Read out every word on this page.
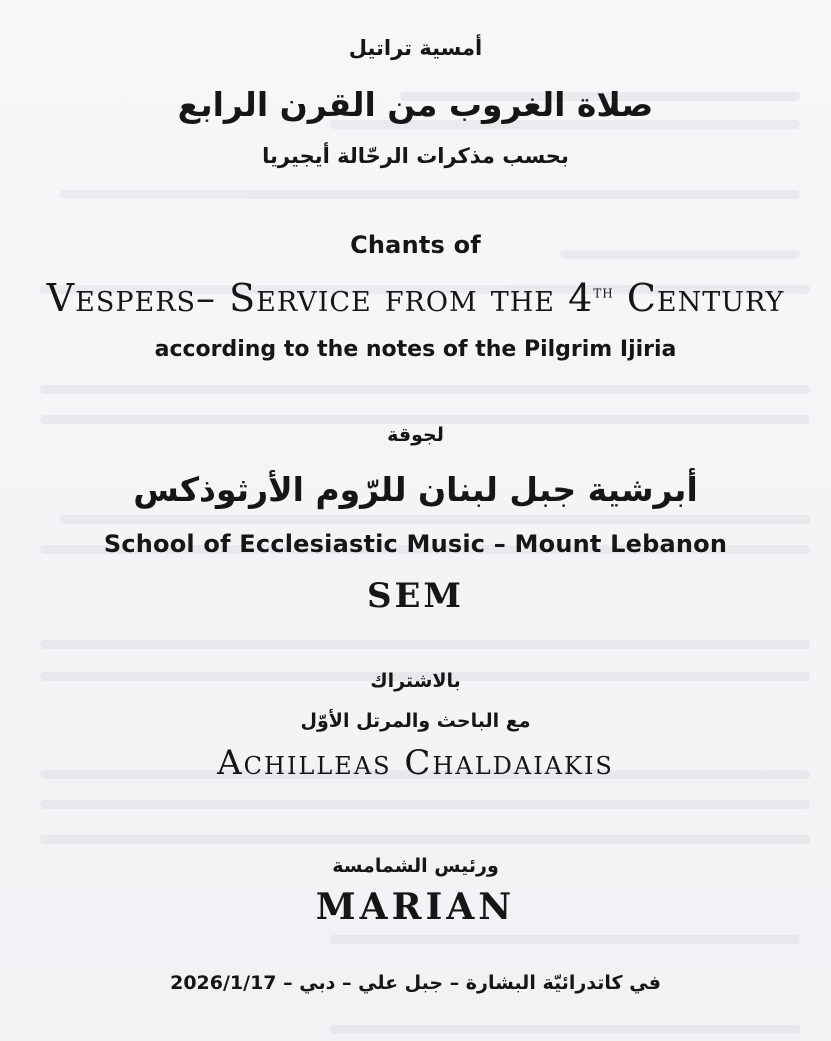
أمسية تراتيل
صلاة الغروب من القرن الرابع
بحسب مذكرات الرحّالة أيجيريا
Chants of
Vespers– Service from the 4th Century
according to the notes of the Pilgrim Ijiria
لجوقة
أبرشية جبل لبنان للرّوم الأرثوذكس
School of Ecclesiastic Music – Mount Lebanon
SEM
بالاشتراك
مع الباحث والمرتل الأوّل
Achilleas Chaldaiakis
ورئيس الشمامسة
MARIAN
في كاتدرائيّة البشارة – جبل علي – دبي – 2026/1/17
